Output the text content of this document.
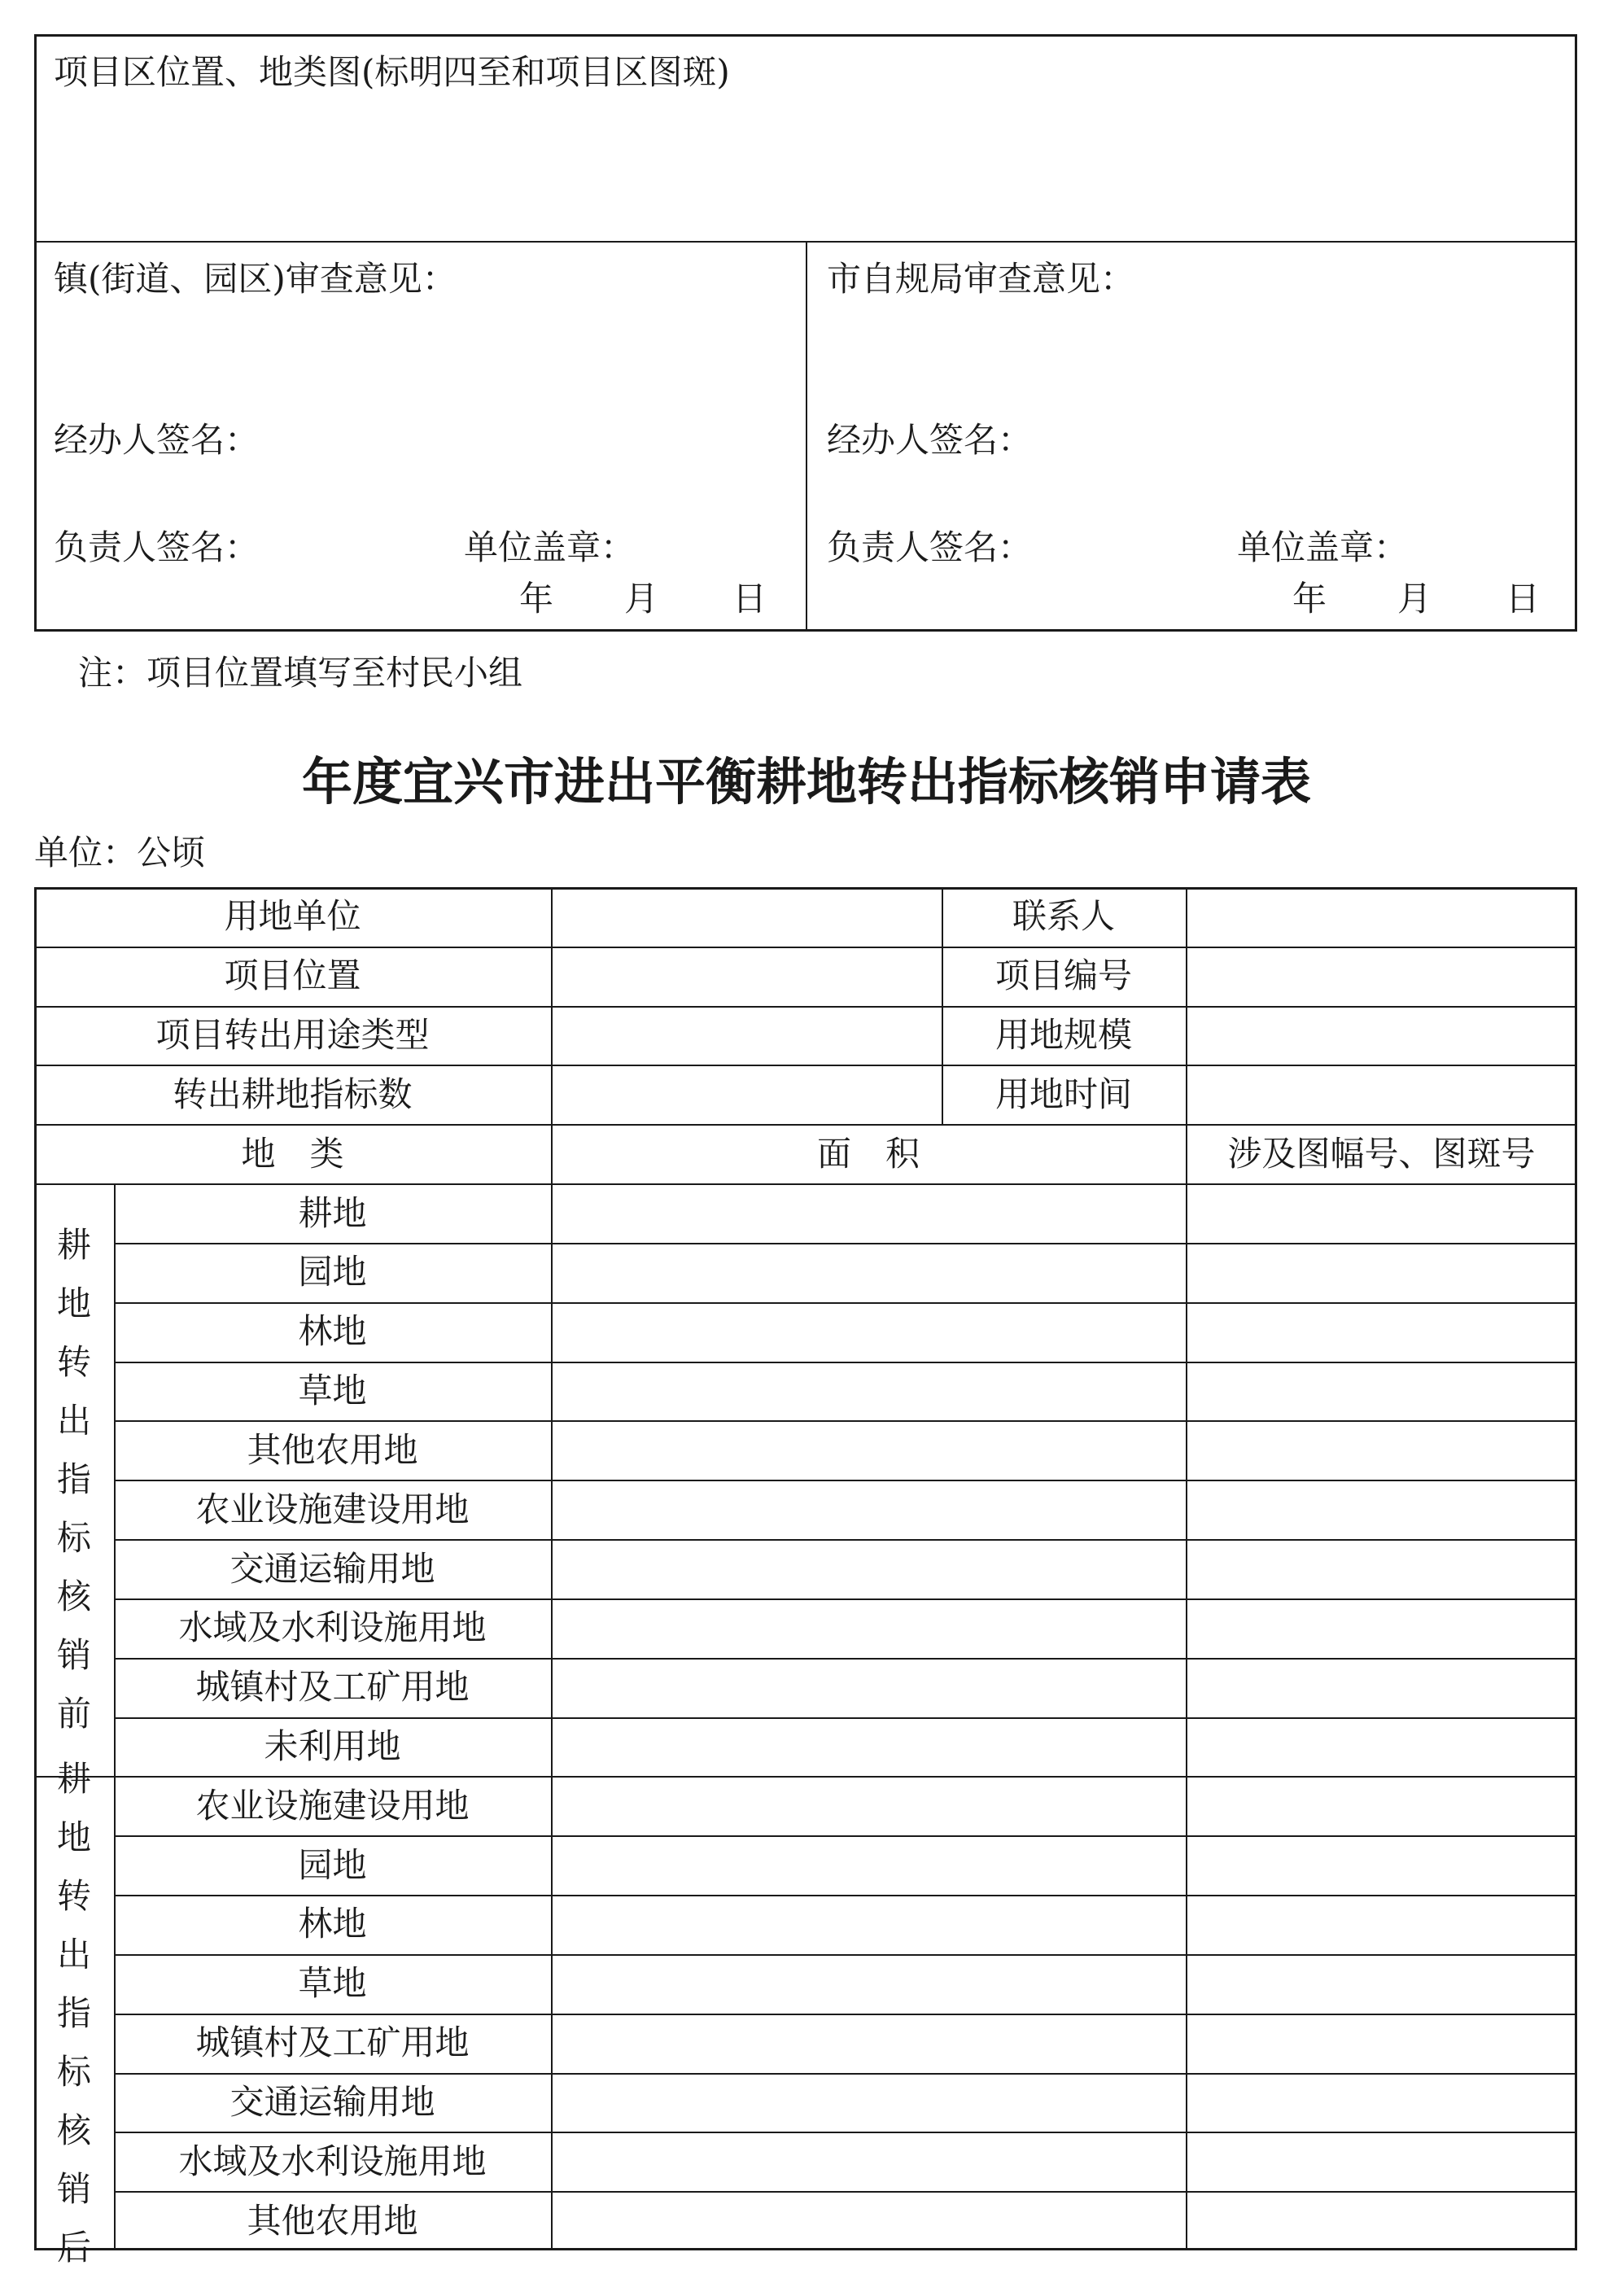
项目区位置、地类图(标明四至和项目区图斑)
镇(街道、园区)审查意见：
经办人签名：
负责人签名：	单位盖章：
年 月 日
市自规局审查意见：
经办人签名：
负责人签名：	单位盖章：
年 月 日
注：项目位置填写至村民小组
年度宜兴市进出平衡耕地转出指标核销申请表
单位：公顷
用地单位	联系人
项目位置	项目编号
项目转出用途类型	用地规模
转出耕地指标数	用地时间
地　类	面　积	涉及图幅号、图斑号
耕
地
转
出
指
标
核
销
前
耕地
园地
林地
草地
其他农用地
农业设施建设用地
交通运输用地
水域及水利设施用地
城镇村及工矿用地
未利用地
耕
地
转
出
指
标
核
销
后
农业设施建设用地
园地
林地
草地
城镇村及工矿用地
交通运输用地
水域及水利设施用地
其他农用地
